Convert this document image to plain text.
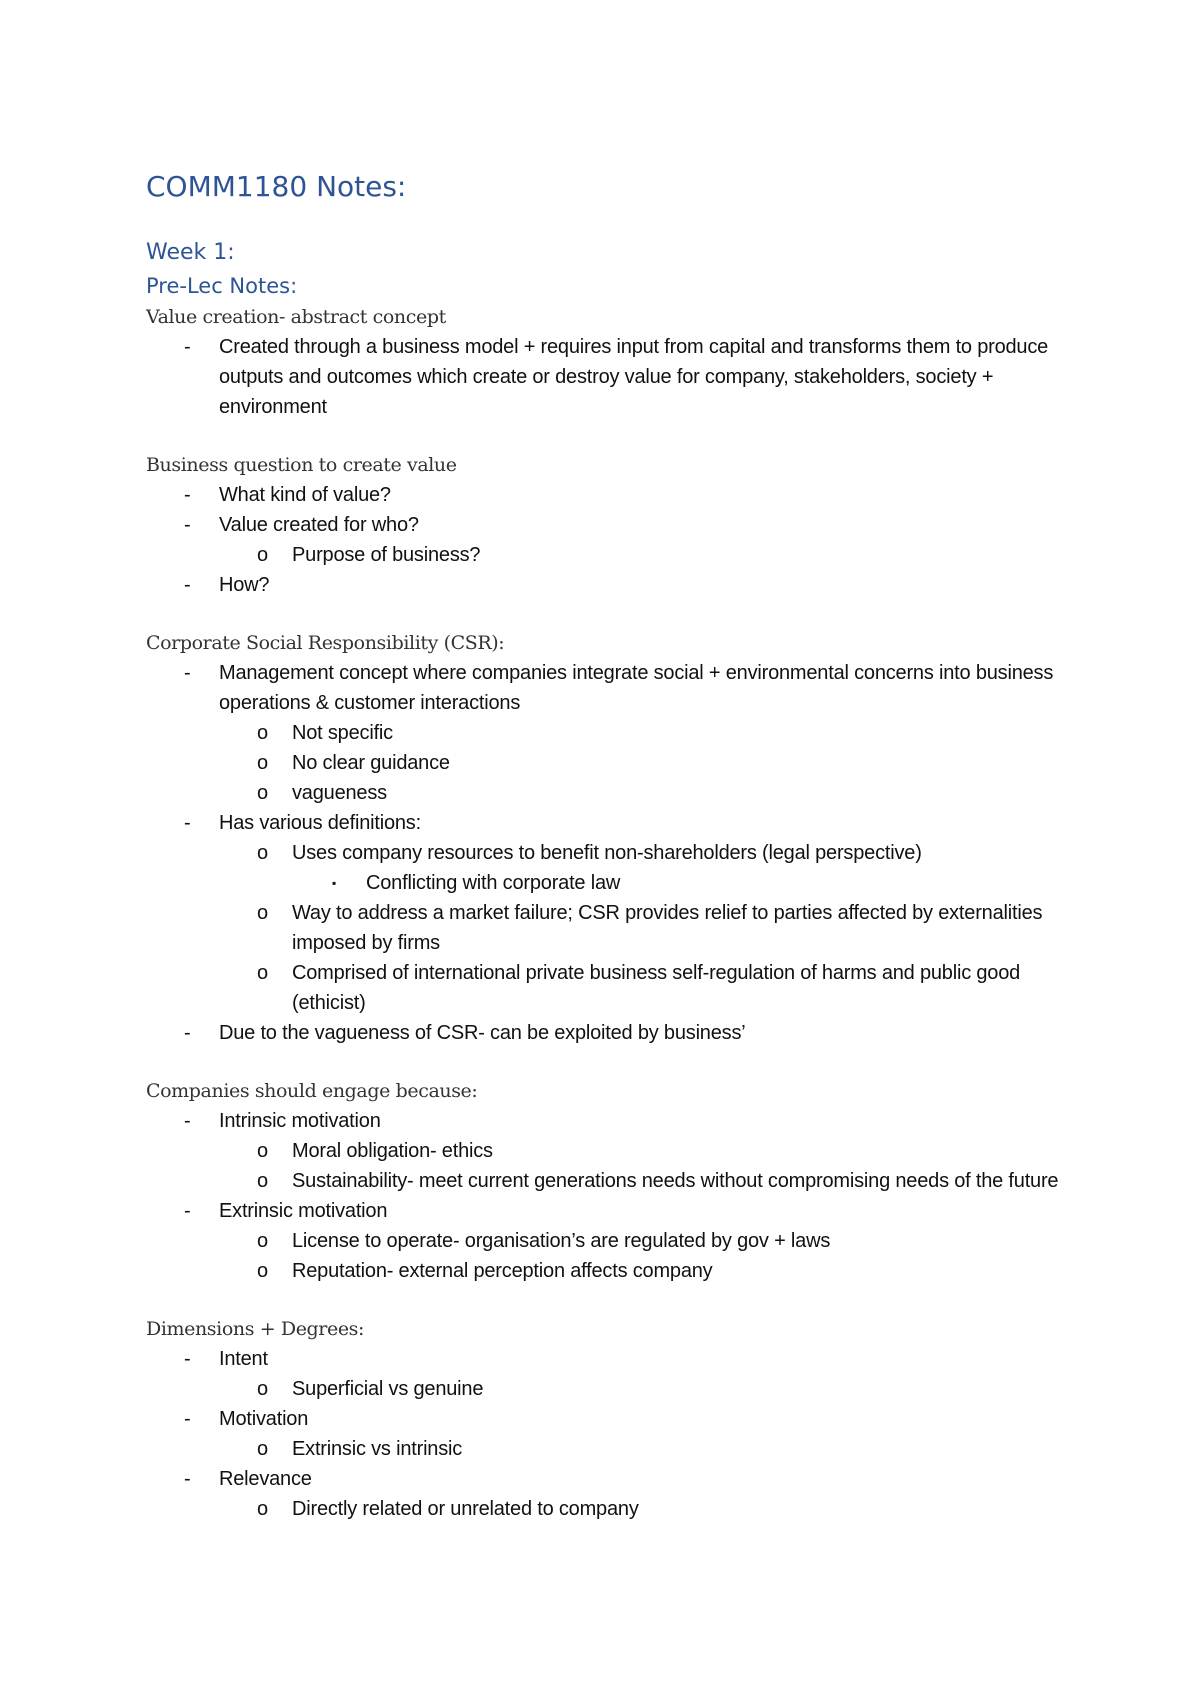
COMM1180 Notes:
Week 1:
Pre-Lec Notes:

Value creation- abstract concept

- Created through a business model + requires input from capital and transforms them to produce outputs and outcomes which create or destroy value for company, stakeholders, society + environment

Business question to create value

- What kind of value?
- Value created for who?
o Purpose of business?
- How?

Corporate Social Responsibility (CSR):

- Management concept where companies integrate social + environmental concerns into business operations & customer interactions
o Not specific
o No clear guidance
o vagueness
- Has various definitions:
o Uses company resources to benefit non-shareholders (legal perspective)
▪ Conflicting with corporate law
o Way to address a market failure; CSR provides relief to parties affected by externalities imposed by firms
o Comprised of international private business self-regulation of harms and public good (ethicist)
- Due to the vagueness of CSR- can be exploited by business’

Companies should engage because:

- Intrinsic motivation
o Moral obligation- ethics
o Sustainability- meet current generations needs without compromising needs of the future
- Extrinsic motivation
o License to operate- organisation’s are regulated by gov + laws
o Reputation- external perception affects company

Dimensions + Degrees:

- Intent
o Superficial vs genuine
- Motivation
o Extrinsic vs intrinsic
- Relevance
o Directly related or unrelated to company
